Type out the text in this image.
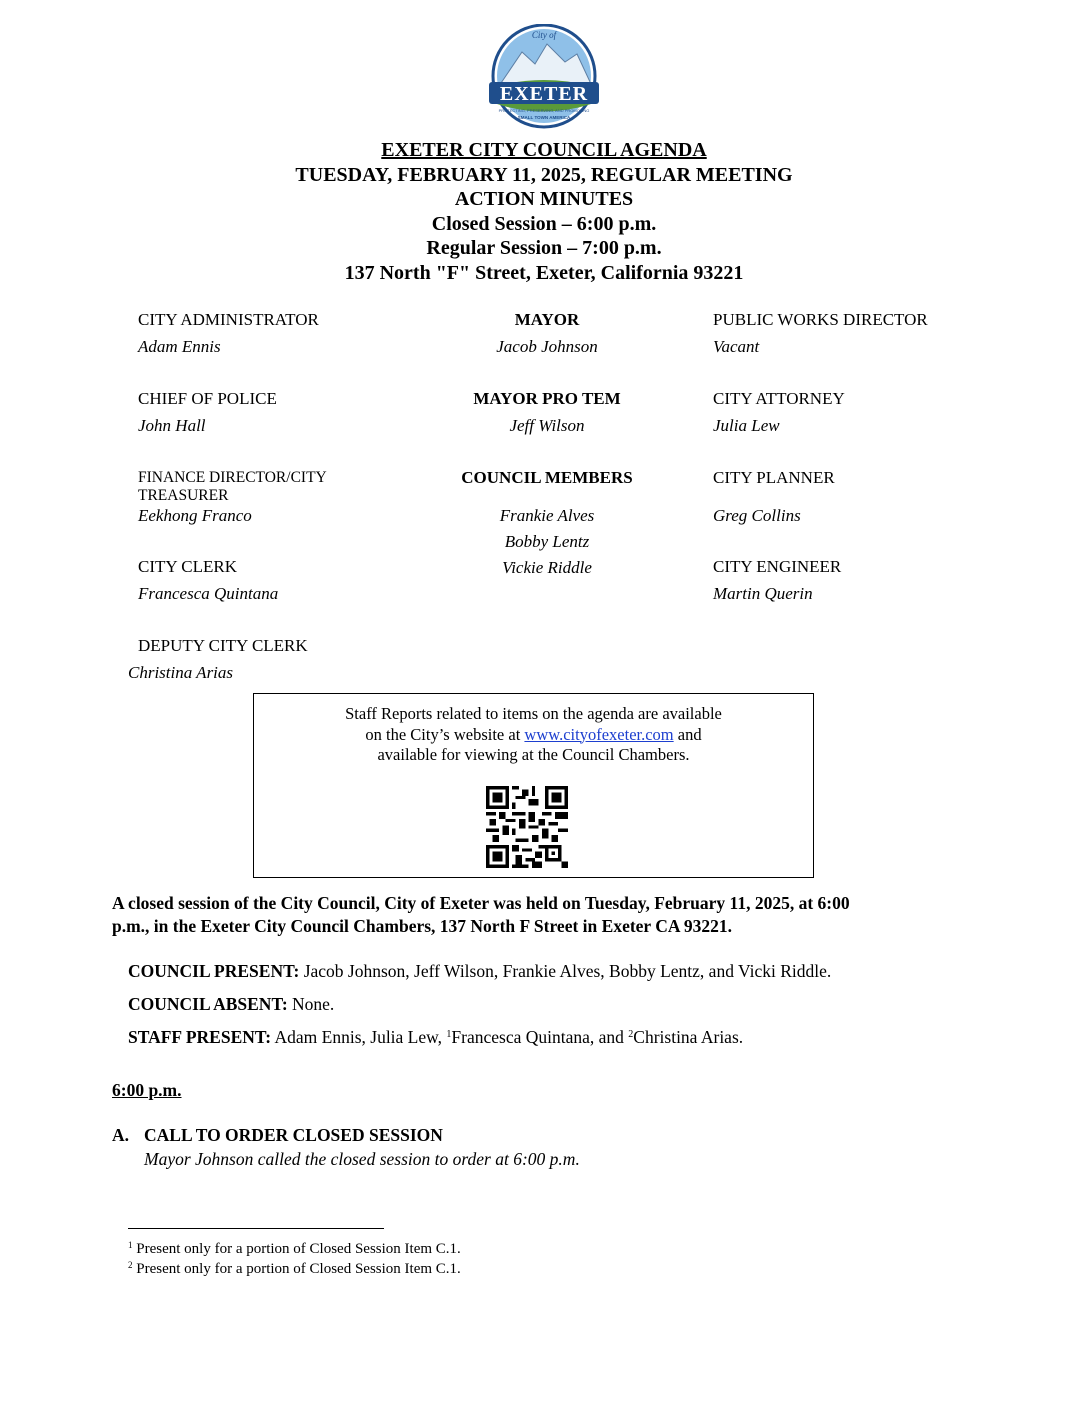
EXETER
City of
PROTECTING, PRESERVING, AND PROMOTING
SMALL TOWN AMERICA
EXETER CITY COUNCIL AGENDA
TUESDAY, FEBRUARY 11, 2025, REGULAR MEETING
ACTION MINUTES
Closed Session – 6:00 p.m.
Regular Session – 7:00 p.m.
137 North "F" Street, Exeter, California 93221
CITY ADMINISTRATOR
Adam Ennis
MAYOR
Jacob Johnson
PUBLIC WORKS DIRECTOR
Vacant
CHIEF OF POLICE
John Hall
MAYOR PRO TEM
Jeff Wilson
CITY ATTORNEY
Julia Lew
FINANCE DIRECTOR/CITY
TREASURER
Eekhong Franco
COUNCIL MEMBERS
Frankie Alves
Bobby Lentz
Vickie Riddle
CITY PLANNER
Greg Collins
CITY CLERK
Francesca Quintana
CITY ENGINEER
Martin Querin
DEPUTY CITY CLERK
Christina Arias
Staff Reports related to items on the agenda are available
on the City’s website at www.cityofexeter.com and
available for viewing at the Council Chambers.
A closed session of the City Council, City of Exeter was held on Tuesday, February 11, 2025, at 6:00
p.m., in the Exeter City Council Chambers, 137 North F Street in Exeter CA 93221.
COUNCIL PRESENT: Jacob Johnson, Jeff Wilson, Frankie Alves, Bobby Lentz, and Vicki Riddle.
COUNCIL ABSENT: None.
STAFF PRESENT: Adam Ennis, Julia Lew, $^1$Francesca Quintana, and $^2$Christina Arias.
6:00 p.m.
A. CALL TO ORDER CLOSED SESSION
Mayor Johnson called the closed session to order at 6:00 p.m.
$^1$ Present only for a portion of Closed Session Item C.1.
$^2$ Present only for a portion of Closed Session Item C.1.
